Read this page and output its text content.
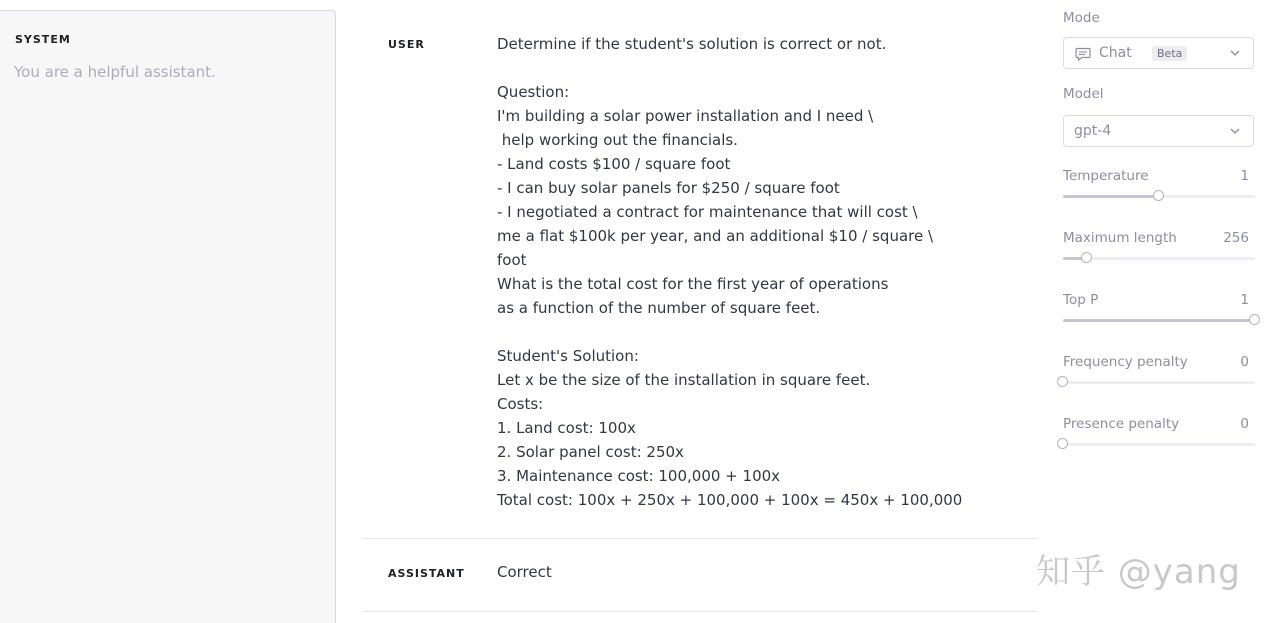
SYSTEM
You are a helpful assistant.
USER	Determine if the student's solution is correct or not.

Question:
I'm building a solar power installation and I need \
help working out the financials.
- Land costs $100 / square foot
- I can buy solar panels for $250 / square foot
- I negotiated a contract for maintenance that will cost \
me a flat $100k per year, and an additional $10 / square \
foot
What is the total cost for the first year of operations
as a function of the number of square feet.

Student's Solution:
Let x be the size of the installation in square feet.
Costs:
1. Land cost: 100x
2. Solar panel cost: 250x
3. Maintenance cost: 100,000 + 100x
Total cost: 100x + 250x + 100,000 + 100x = 450x + 100,000
ASSISTANT Correct
Mode
Chat	Beta
Model
gpt-4
Temperature	1
Maximum length	256
Top P	1
Frequency penalty	0
Presence penalty	0
知乎 @yang
